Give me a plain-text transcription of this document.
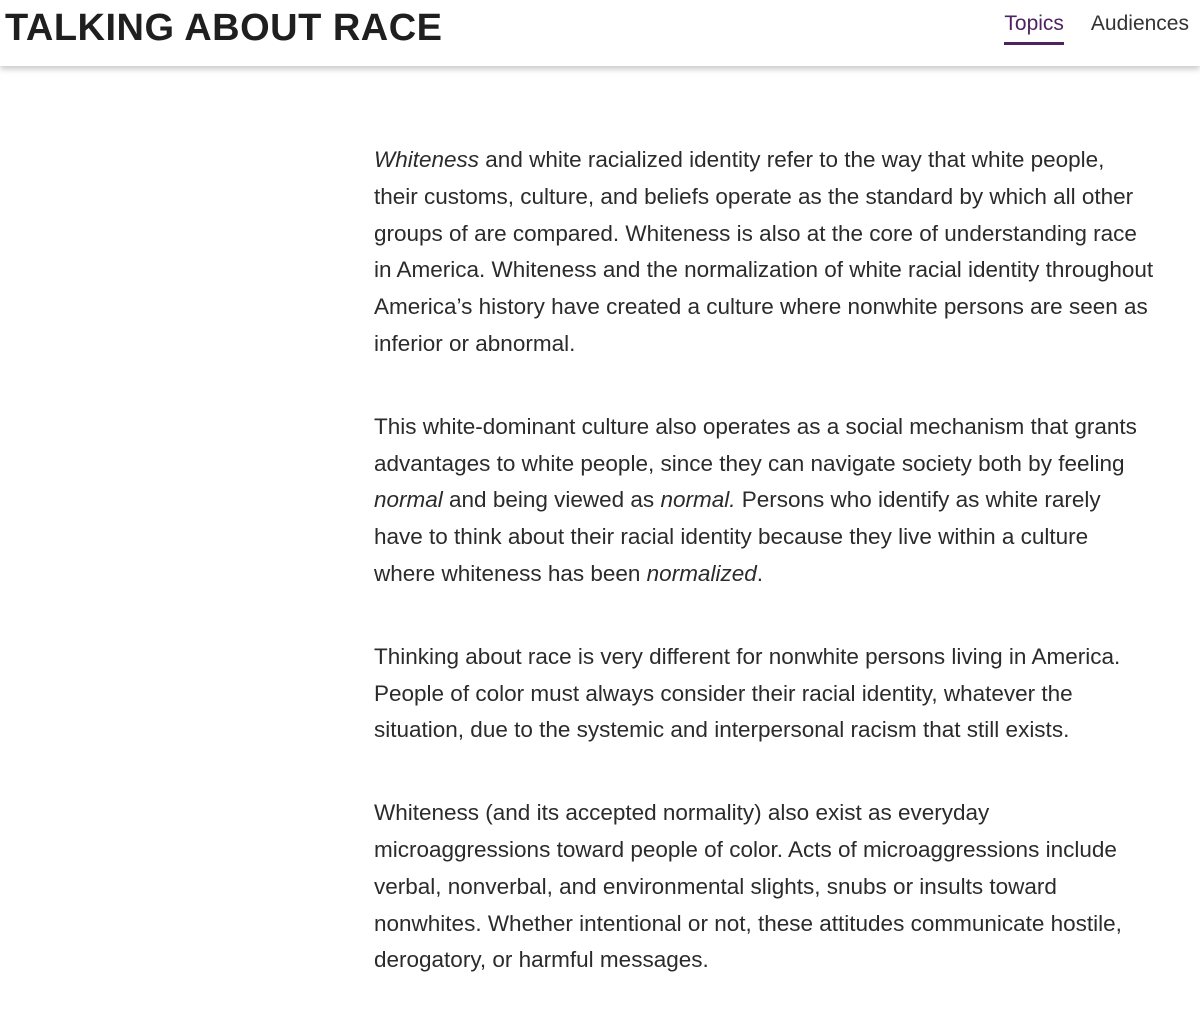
TALKING ABOUT RACE	Topics Audiences

Whiteness and white racialized identity refer to the way that white people, their customs, culture, and beliefs operate as the standard by which all other groups of are compared. Whiteness is also at the core of understanding race in America. Whiteness and the normalization of white racial identity throughout America’s history have created a culture where nonwhite persons are seen as inferior or abnormal.

This white-dominant culture also operates as a social mechanism that grants advantages to white people, since they can navigate society both by feeling normal and being viewed as normal. Persons who identify as white rarely have to think about their racial identity because they live within a culture where whiteness has been normalized.

Thinking about race is very different for nonwhite persons living in America. People of color must always consider their racial identity, whatever the situation, due to the systemic and interpersonal racism that still exists.

Whiteness (and its accepted normality) also exist as everyday microaggressions toward people of color. Acts of microaggressions include verbal, nonverbal, and environmental slights, snubs or insults toward nonwhites. Whether intentional or not, these attitudes communicate hostile, derogatory, or harmful messages.
